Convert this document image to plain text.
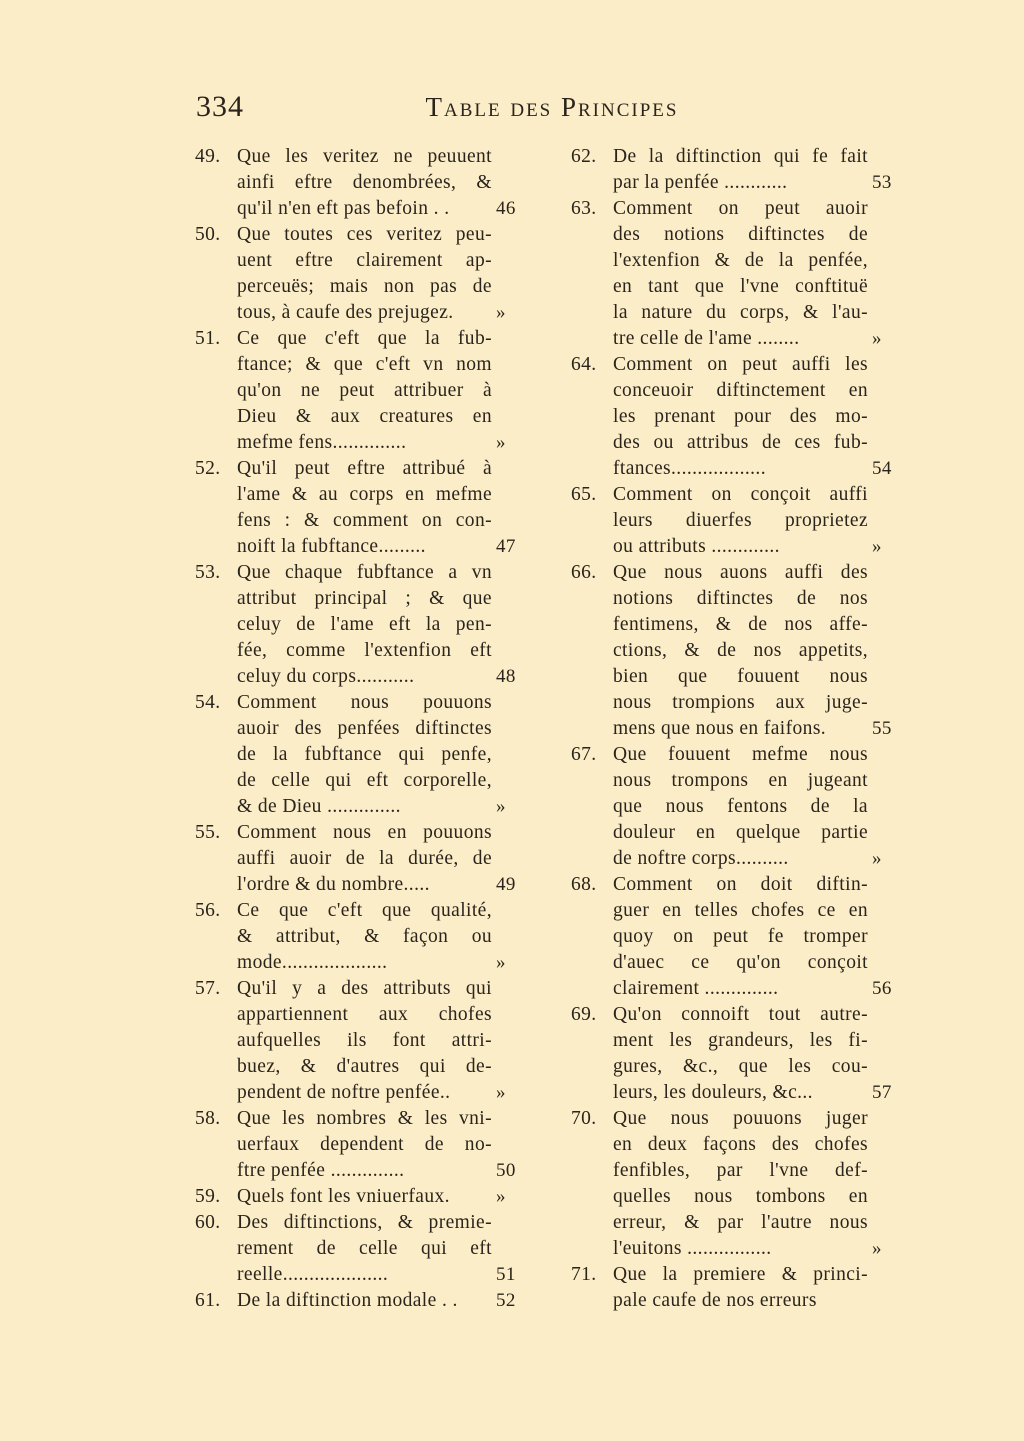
334	Table des Principes
49. Que les veritez ne peuuent
ainfi eftre denombrées, &
qu'il n'en eft pas befoin . . 46
50. Que toutes ces veritez peu-
uent eftre clairement ap-
perceuës; mais non pas de
tous, à caufe des prejugez. »
51. Ce que c'eft que la fub-
ftance; & que c'eft vn nom
qu'on ne peut attribuer à
Dieu & aux creatures en
mefme fens..............	»
52. Qu'il peut eftre attribué à
l'ame & au corps en mefme
fens : & comment on con-
noift la fubftance.........	47
53. Que chaque fubftance a vn
attribut principal ; & que
celuy de l'ame eft la pen-
fée, comme l'extenfion eft
celuy du corps...........	48
54. Comment nous pouuons
auoir des penfées diftinctes
de la fubftance qui penfe,
de celle qui eft corporelle,
& de Dieu ..............	»
55. Comment nous en pouuons
auffi auoir de la durée, de
l'ordre & du nombre.....	49
56. Ce que c'eft que qualité,
& attribut, & façon ou
mode....................	»
57. Qu'il y a des attributs qui
appartiennent aux chofes
aufquelles ils font attri-
buez, & d'autres qui de-
pendent de noftre penfée.. »
58. Que les nombres & les vni-
uerfaux dependent de no-
ftre penfée ..............	50
59. Quels font les vniuerfaux. »
60. Des diftinctions, & premie-
rement de celle qui eft
reelle....................	51
61. De la diftinction modale . . 52
62. De la diftinction qui fe fait
par la penfée ............	53
63. Comment on peut auoir
des notions diftinctes de
l'extenfion & de la penfée,
en tant que l'vne conftituë
la nature du corps, & l'au-
tre celle de l'ame ........	»
64. Comment on peut auffi les
conceuoir diftinctement en
les prenant pour des mo-
des ou attribus de ces fub-
ftances..................	54
65. Comment on conçoit auffi
leurs diuerfes proprietez
ou attributs .............	»
66. Que nous auons auffi des
notions diftinctes de nos
fentimens, & de nos affe-
ctions, & de nos appetits,
bien que fouuent nous
nous trompions aux juge-
mens que nous en faifons. 55
67. Que fouuent mefme nous
nous trompons en jugeant
que nous fentons de la
douleur en quelque partie
de noftre corps..........	»
68. Comment on doit diftin-
guer en telles chofes ce en
quoy on peut fe tromper
d'auec ce qu'on conçoit
clairement ..............	56
69. Qu'on connoift tout autre-
ment les grandeurs, les fi-
gures, &c., que les cou-
leurs, les douleurs, &c...	57
70. Que nous pouuons juger
en deux façons des chofes
fenfibles, par l'vne def-
quelles nous tombons en
erreur, & par l'autre nous
l'euitons ................	»
71. Que la premiere & princi-
pale caufe de nos erreurs
